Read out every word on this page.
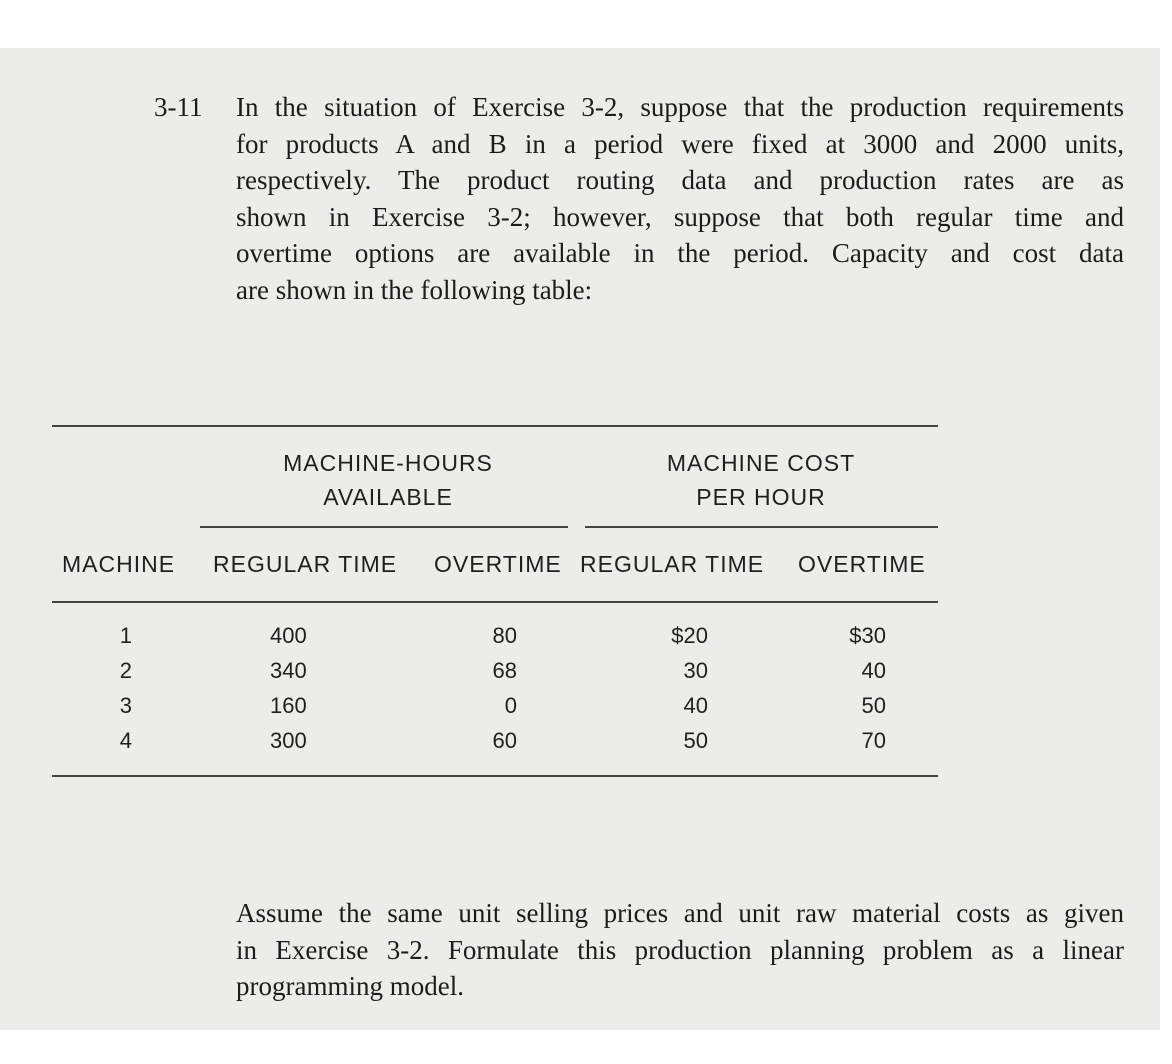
3-11 In the situation of Exercise 3-2, suppose that the production requirements
for products A and B in a period were fixed at 3000 and 2000 units,
respectively. The product routing data and production rates are as
shown in Exercise 3-2; however, suppose that both regular time and
overtime options are available in the period. Capacity and cost data
are shown in the following table:
MACHINE-HOURS
AVAILABLE
MACHINE COST
PER HOUR
MACHINE REGULAR TIME OVERTIME REGULAR TIME OVERTIME
1
2
3
4
400
340
160
300
80
68
0
60
$20
30
40
50
$30
40
50
70
Assume the same unit selling prices and unit raw material costs as given
in Exercise 3-2. Formulate this production planning problem as a linear
programming model.
